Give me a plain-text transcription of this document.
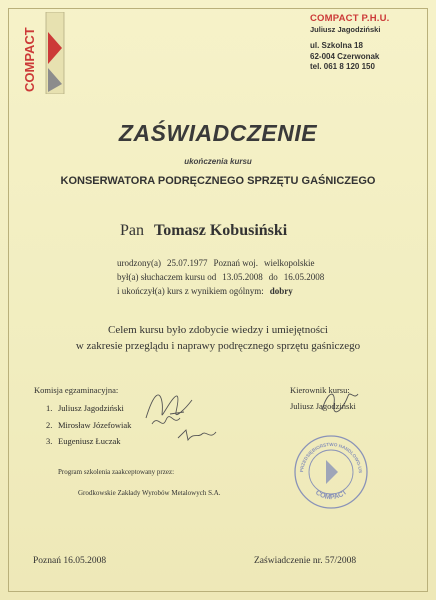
COMPACT
COMPACT P.H.U.
Juliusz Jagodziński
ul. Szkolna 18
62-004 Czerwonak
tel. 061 8 120 150
ZAŚWIADCZENIE
ukończenia kursu
KONSERWATORA PODRĘCZNEGO SPRZĘTU GAŚNICZEGO
Pan Tomasz Kobusiński
urodzony(a) 25.07.1977 Poznań woj. wielkopolskie
był(a) słuchaczem kursu od 13.05.2008 do 16.05.2008
i ukończył(a) kurs z wynikiem ogólnym: dobry
Celem kursu było zdobycie wiedzy i umiejętności
w zakresie przeglądu i naprawy podręcznego sprzętu gaśniczego
Komisja egzaminacyjna:
1. Juliusz Jagodziński
2. Mirosław Józefowiak
3. Eugeniusz Łuczak
Kierownik kursu:
Juliusz Jagodziński
PRZEDSIĘBIORSTWO HANDLOWO-US
COMPACT
Program szkolenia zaakceptowany przez:
Grodkowskie Zakłady Wyrobów Metalowych S.A.
Poznań 16.05.2008	Zaświadczenie nr. 57/2008
